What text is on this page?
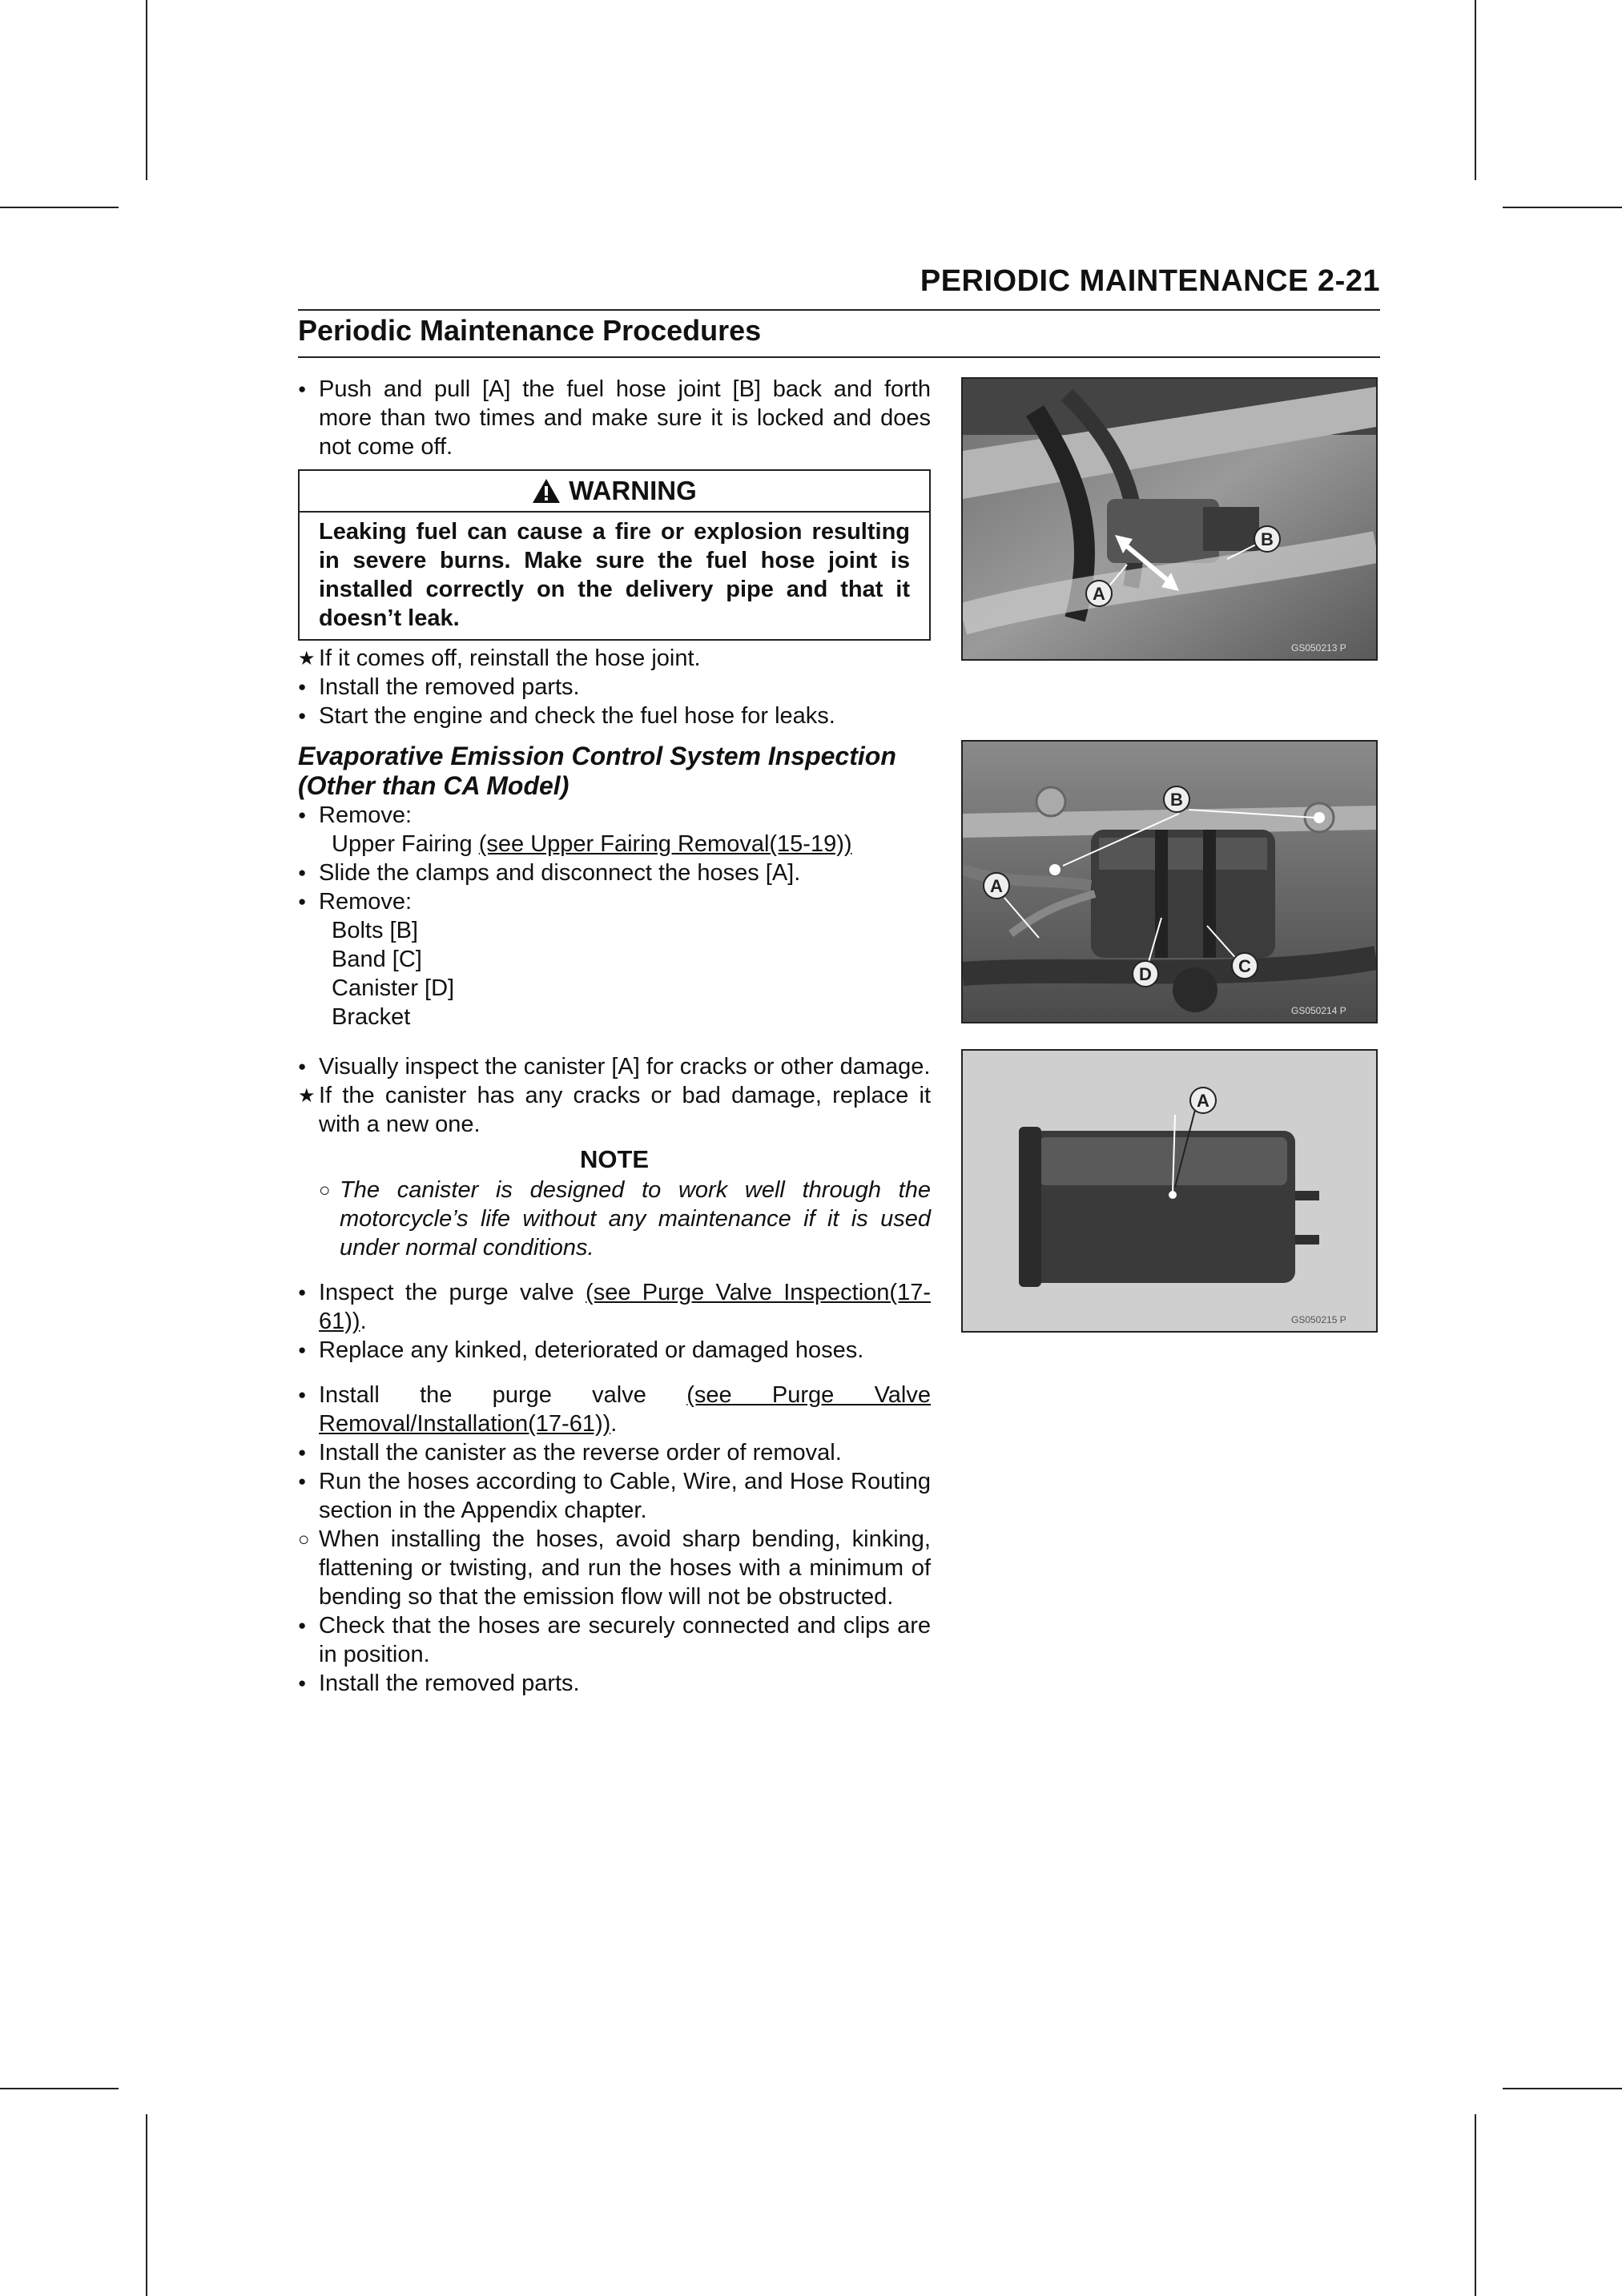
PERIODIC MAINTENANCE 2-21
Periodic Maintenance Procedures
●
Push and pull [A] the fuel hose joint [B] back and forth more than two times and make sure it is locked and does not come off.
WARNING
Leaking fuel can cause a fire or explosion resulting in severe burns. Make sure the fuel hose joint is installed correctly on the delivery pipe and that it doesn’t leak.
★
If it comes off, reinstall the hose joint.
●
Install the removed parts.
●
Start the engine and check the fuel hose for leaks.
Evaporative Emission Control System Inspection
(Other than CA Model)
●
Remove:
Upper Fairing (see Upper Fairing Removal(15-19))
●
Slide the clamps and disconnect the hoses [A].
●
Remove:
Bolts [B]
Band [C]
Canister [D]
Bracket
●
Visually inspect the canister [A] for cracks or other damage.
★
If the canister has any cracks or bad damage, replace it with a new one.
NOTE
○
The canister is designed to work well through the motorcycle’s life without any maintenance if it is used under normal conditions.
●
Inspect the purge valve (see Purge Valve Inspection(17-61)).
●
Replace any kinked, deteriorated or damaged hoses.
●
Install the purge valve (see Purge Valve Removal/Installation(17-61)).
●
Install the canister as the reverse order of removal.
●
Run the hoses according to Cable, Wire, and Hose Routing section in the Appendix chapter.
○
When installing the hoses, avoid sharp bending, kinking, flattening or twisting, and run the hoses with a minimum of bending so that the emission flow will not be obstructed.
●
Check that the hoses are securely connected and clips are in position.
●
Install the removed parts.
A
B
GS050213 P
B
A
C
D
GS050214 P
A
GS050215 P
